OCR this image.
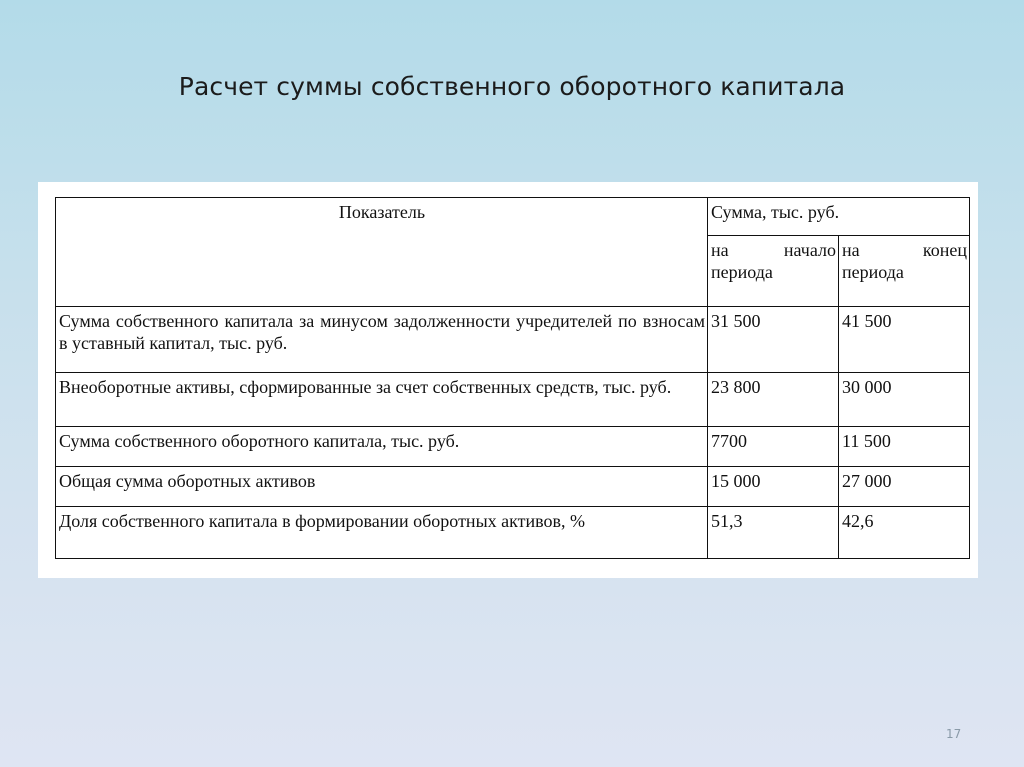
Расчет суммы собственного оборотного капитала
Показатель	Сумма, тыс. руб.	
	на начало периода	на конец периода
Сумма собственного капитала за минусом задолженности учредителей по взносам в уставный капитал, тыс. руб.	31 500	41 500
Внеоборотные активы, сформированные за счет собственных средств, тыс. руб.	23 800	30 000
Сумма собственного оборотного капитала, тыс. руб.	7700	11 500
Общая сумма оборотных активов	15 000	27 000
Доля собственного капитала в формировании оборотных активов, %	51,3	42,6
17
